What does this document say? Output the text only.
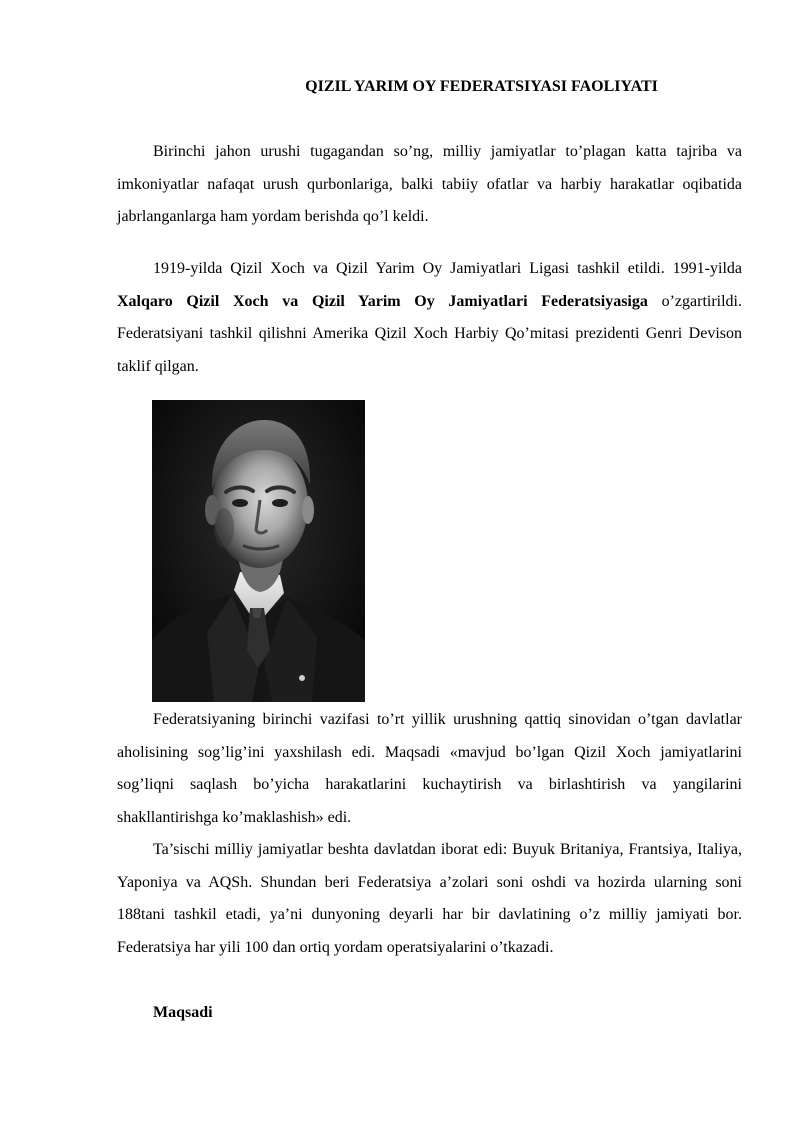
QIZIL YARIM OY FEDERATSIYASI FAOLIYATI

Birinchi jahon urushi tugagandan so’ng, milliy jamiyatlar to’plagan katta tajriba va imkoniyatlar nafaqat urush qurbonlariga, balki tabiiy ofatlar va harbiy harakatlar oqibatida jabrlanganlarga ham yordam berishda qo’l keldi.

1919-yilda Qizil Xoch va Qizil Yarim Oy Jamiyatlari Ligasi tashkil etildi. 1991-yilda Xalqaro Qizil Xoch va Qizil Yarim Oy Jamiyatlari Federatsiyasiga o’zgartirildi. Federatsiyani tashkil qilishni Amerika Qizil Xoch Harbiy Qo’mitasi prezidenti Genri Devison taklif qilgan.

Federatsiyaning birinchi vazifasi to’rt yillik urushning qattiq sinovidan o’tgan davlatlar aholisining sog’lig’ini yaxshilash edi. Maqsadi «mavjud bo’lgan Qizil Xoch jamiyatlarini sog’liqni saqlash bo’yicha harakatlarini kuchaytirish va birlashtirish va yangilarini shakllantirishga ko’maklashish» edi.

Ta’sischi milliy jamiyatlar beshta davlatdan iborat edi: Buyuk Britaniya, Frantsiya, Italiya, Yaponiya va AQSh. Shundan beri Federatsiya a’zolari soni oshdi va hozirda ularning soni 188tani tashkil etadi, ya’ni dunyoning deyarli har bir davlatining o’z milliy jamiyati bor. Federatsiya har yili 100 dan ortiq yordam operatsiyalarini o’tkazadi.

Maqsadi
